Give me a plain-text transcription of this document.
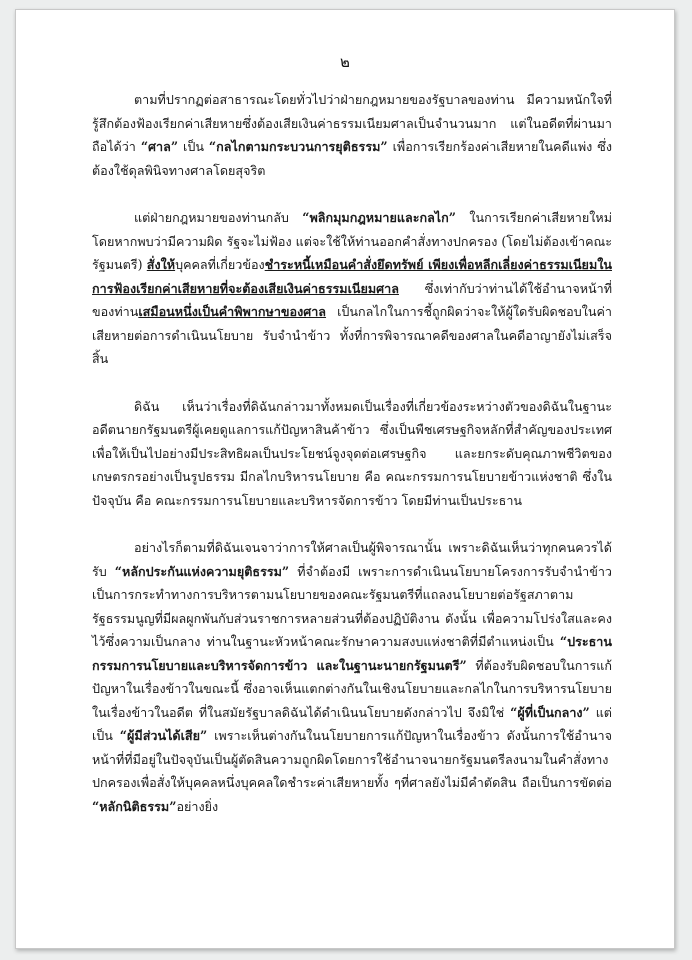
๒

ตามที่ปรากฏต่อสาธารณะโดยทั่วไปว่าฝ่ายกฎหมายของรัฐบาลของท่าน มีความหนักใจที่รู้สึกต้องฟ้องเรียกค่าเสียหายซึ่งต้องเสียเงินค่าธรรมเนียมศาลเป็นจำนวนมาก แต่ในอดีตที่ผ่านมาถือได้ว่า “ศาล” เป็น “กลไกตามกระบวนการยุติธรรม” เพื่อการเรียกร้องค่าเสียหายในคดีแพ่ง ซึ่งต้องใช้ดุลพินิจทางศาลโดยสุจริต

แต่ฝ่ายกฎหมายของท่านกลับ “พลิกมุมกฎหมายและกลไก” ในการเรียกค่าเสียหายใหม่ โดยหากพบว่ามีความผิด รัฐจะไม่ฟ้อง แต่จะใช้ให้ท่านออกคำสั่งทางปกครอง (โดยไม่ต้องเข้าคณะรัฐมนตรี) สั่งให้บุคคลที่เกี่ยวข้องชำระหนี้เหมือนคำสั่งยึดทรัพย์ เพียงเพื่อหลีกเลี่ยงค่าธรรมเนียมในการฟ้องเรียกค่าเสียหายที่จะต้องเสียเงินค่าธรรมเนียมศาล ซึ่งเท่ากับว่าท่านได้ใช้อำนาจหน้าที่ของท่านเสมือนหนึ่งเป็นคำพิพากษาของศาล เป็นกลไกในการชี้ถูกผิดว่าจะให้ผู้ใดรับผิดชอบในค่าเสียหายต่อการดำเนินนโยบาย รับจำนำข้าว ทั้งที่การพิจารณาคดีของศาลในคดีอาญายังไม่เสร็จสิ้น

ดิฉัน เห็นว่าเรื่องที่ดิฉันกล่าวมาทั้งหมดเป็นเรื่องที่เกี่ยวข้องระหว่างตัวของดิฉันในฐานะอดีตนายกรัฐมนตรีผู้เคยดูแลการแก้ปัญหาสินค้าข้าว ซึ่งเป็นพืชเศรษฐกิจหลักที่สำคัญของประเทศ เพื่อให้เป็นไปอย่างมีประสิทธิผลเป็นประโยชน์จูงจุดต่อเศรษฐกิจ และยกระดับคุณภาพชีวิตของเกษตรกรอย่างเป็นรูปธรรม มีกลไกบริหารนโยบาย คือ คณะกรรมการนโยบายข้าวแห่งชาติ ซึ่งในปัจจุบัน คือ คณะกรรมการนโยบายและบริหารจัดการข้าว โดยมีท่านเป็นประธาน

อย่างไรก็ตามที่ดิฉันเจนจาว่าการให้ศาลเป็นผู้พิจารณานั้น เพราะดิฉันเห็นว่าทุกคนควรได้รับ “หลักประกันแห่งความยุติธรรม” ที่จำต้องมี เพราะการดำเนินนโยบายโครงการรับจำนำข้าวเป็นการกระทำทางการบริหารตามนโยบายของคณะรัฐมนตรีที่แถลงนโยบายต่อรัฐสภาตามรัฐธรรมนูญที่มีผลผูกพันกับส่วนราชการหลายส่วนที่ต้องปฏิบัติงาน ดังนั้น เพื่อความโปร่งใสและคงไว้ซึ่งความเป็นกลาง ท่านในฐานะหัวหน้าคณะรักษาความสงบแห่งชาติที่มีตำแหน่งเป็น “ประธานกรรมการนโยบายและบริหารจัดการข้าว และในฐานะนายกรัฐมนตรี” ที่ต้องรับผิดชอบในการแก้ปัญหาในเรื่องข้าวในขณะนี้ ซึ่งอาจเห็นแตกต่างกันในเชิงนโยบายและกลไกในการบริหารนโยบายในเรื่องข้าวในอดีต ที่ในสมัยรัฐบาลดิฉันได้ดำเนินนโยบายดังกล่าวไป จึงมิใช่ “ผู้ที่เป็นกลาง” แต่เป็น “ผู้มีส่วนได้เสีย” เพราะเห็นต่างกันในนโยบายการแก้ปัญหาในเรื่องข้าว ดังนั้นการใช้อำนาจหน้าที่ที่มีอยู่ในปัจจุบันเป็นผู้ตัดสินความถูกผิดโดยการใช้อำนาจนายกรัฐมนตรีลงนามในคำสั่งทางปกครองเพื่อสั่งให้บุคคลหนึ่งบุคคลใดชำระค่าเสียหายทั้ง ๆที่ศาลยังไม่มีคำตัดสิน ถือเป็นการขัดต่อ “หลักนิติธรรม”อย่างยิ่ง
